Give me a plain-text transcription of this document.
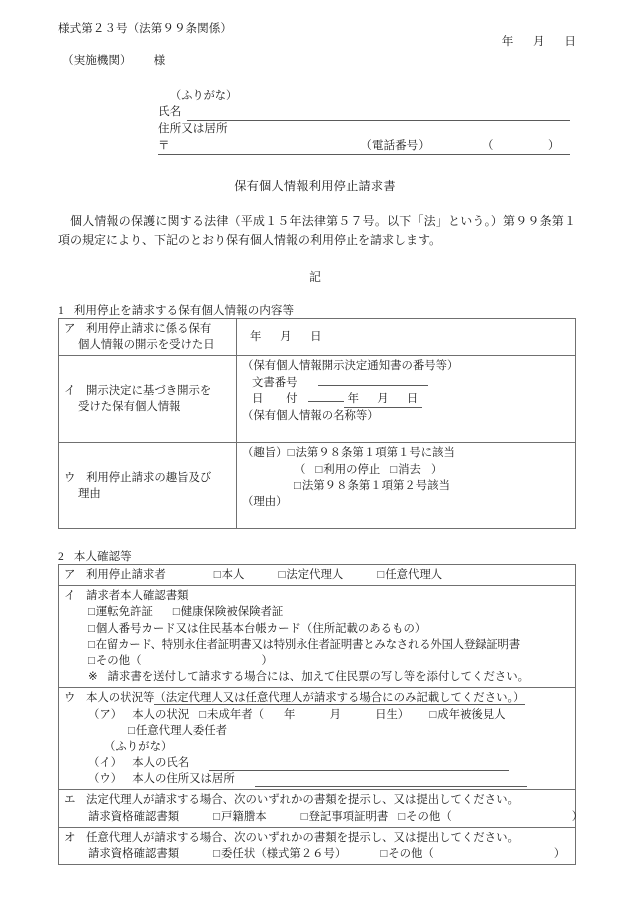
様式第２３号（法第９９条関係）
年　月　日
（実施機関） 様
（ふりがな）
氏名
住所又は居所
〒	（電話番号）	（　　）
保有個人情報利用停止請求書
個人情報の保護に関する法律（平成１５年法律第５７号。以下「法」という。）第９９条第１項の規定により、下記のとおり保有個人情報の利用停止を請求します。
記
1 利用停止を請求する保有個人情報の内容等
ア 利用停止請求に係る保有
個人情報の開示を受けた日	年　月　日

イ 開示決定に基づき開示を
受けた保有個人情報	（保有個人情報開示決定通知書の番号等）
文書番号
日　　付 年　月　日
（保有個人情報の名称等）

ウ 利用停止請求の趣旨及び
理由	（趣旨）□法第９８条第１項第１号に該当
（ □利用の停止 □消去 ）
□法第９８条第１項第２号該当
（理由）

2 本人確認等
ア 利用停止請求者	□本人	□法定代理人	□任意代理人

イ 請求者本人確認書類
□運転免許証 □健康保険被保険者証
□個人番号カード又は住民基本台帳カード（住所記載のあるもの）
□在留カード、特別永住者証明書又は特別永住者証明書とみなされる外国人登録証明書
□その他（	）
※ 請求書を送付して請求する場合には、加えて住民票の写し等を添付してください。

ウ 本人の状況等（法定代理人又は任意代理人が請求する場合にのみ記載してください。）
（ア） 本人の状況 □未成年者（ 年　　　月　　　日生） □成年被後見人
□任意代理人委任者
（ふりがな）
（イ） 本人の氏名
（ウ） 本人の住所又は居所

エ 法定代理人が請求する場合、次のいずれかの書類を提示し、又は提出してください。
請求資格確認書類	□戸籍謄本	□登記事項証明書 □その他（	）

オ 任意代理人が請求する場合、次のいずれかの書類を提示し、又は提出してください。
請求資格確認書類	□委任状（様式第２６号）	□その他（	）
